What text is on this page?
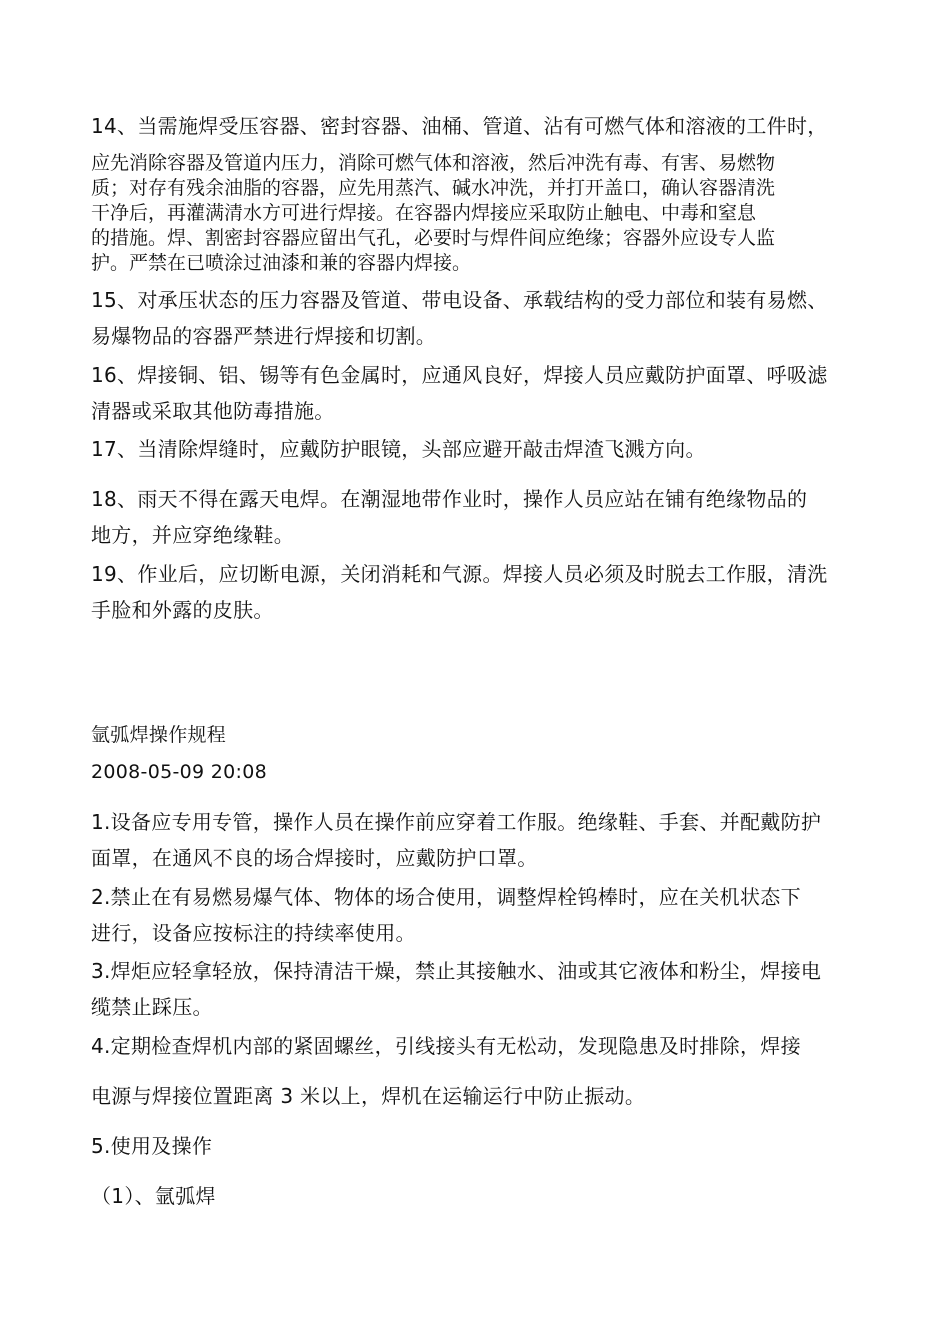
14、当需施焊受压容器、密封容器、油桶、管道、沾有可燃气体和溶液的工件时，
应先消除容器及管道内压力，消除可燃气体和溶液，然后冲洗有毒、有害、易燃物
质；对存有残余油脂的容器，应先用蒸汽、碱水冲洗，并打开盖口，确认容器清洗
干净后，再灌满清水方可进行焊接。在容器内焊接应采取防止触电、中毒和窒息
的措施。焊、割密封容器应留出气孔，必要时与焊件间应绝缘；容器外应设专人监
护。严禁在已喷涂过油漆和兼的容器内焊接。
15、对承压状态的压力容器及管道、带电设备、承载结构的受力部位和装有易燃、
易爆物品的容器严禁进行焊接和切割。
16、焊接铜、铝、锡等有色金属时，应通风良好，焊接人员应戴防护面罩、呼吸滤
清器或采取其他防毒措施。
17、当清除焊缝时，应戴防护眼镜，头部应避开敲击焊渣飞溅方向。
18、雨天不得在露天电焊。在潮湿地带作业时，操作人员应站在铺有绝缘物品的
地方，并应穿绝缘鞋。
19、作业后，应切断电源，关闭消耗和气源。焊接人员必须及时脱去工作服，清洗
手脸和外露的皮肤。
氩弧焊操作规程
2008-05-09 20:08
1.设备应专用专管，操作人员在操作前应穿着工作服。绝缘鞋、手套、并配戴防护
面罩，在通风不良的场合焊接时，应戴防护口罩。
2.禁止在有易燃易爆气体、物体的场合使用，调整焊栓钨棒时，应在关机状态下
进行，设备应按标注的持续率使用。
3.焊炬应轻拿轻放，保持清洁干燥，禁止其接触水、油或其它液体和粉尘，焊接电
缆禁止踩压。
4.定期检查焊机内部的紧固螺丝，引线接头有无松动，发现隐患及时排除，焊接
电源与焊接位置距离 3 米以上，焊机在运输运行中防止振动。
5.使用及操作
（1）、氩弧焊
